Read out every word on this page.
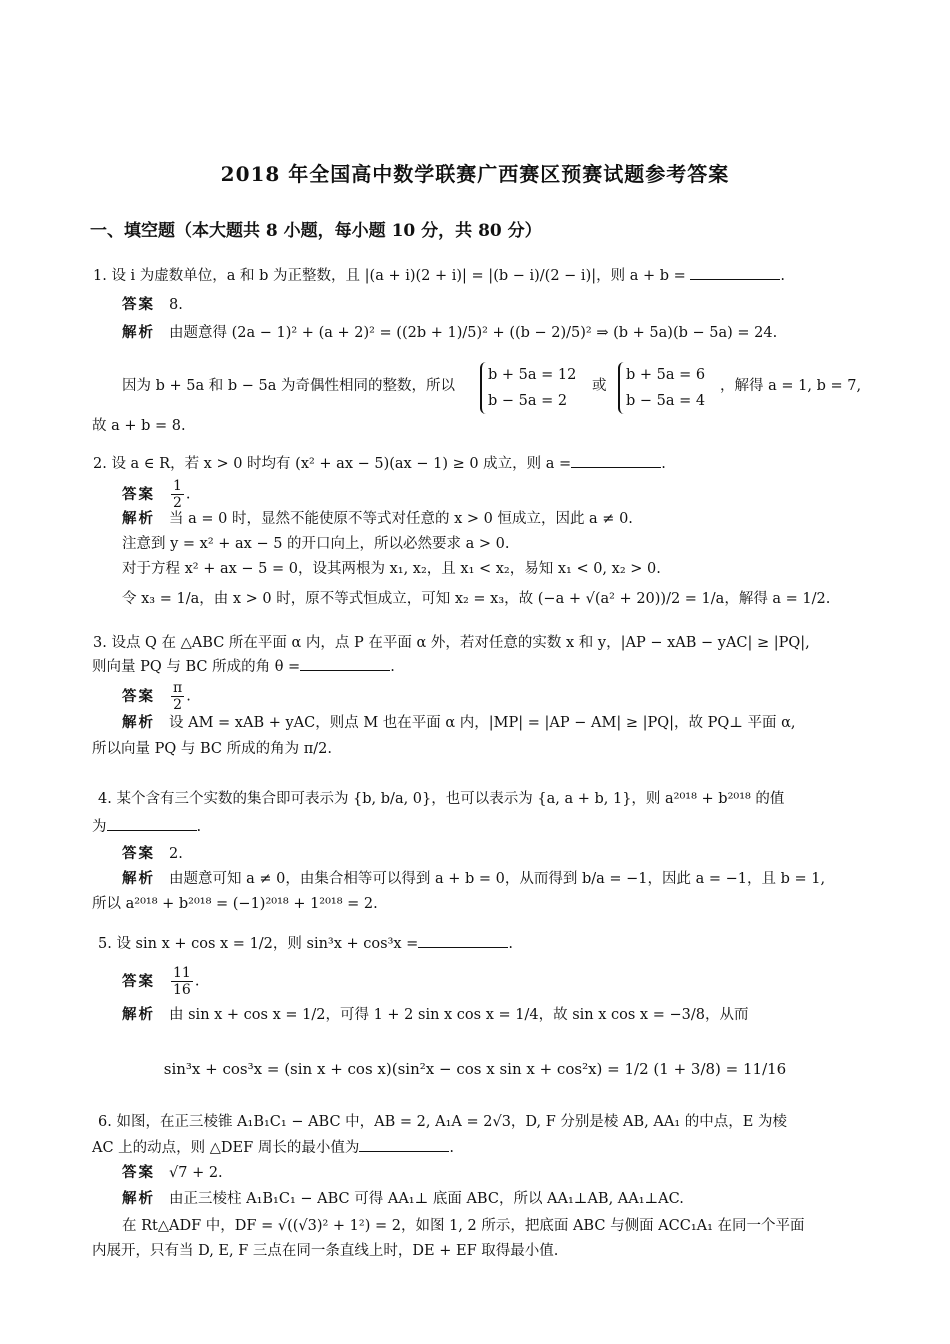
2018 年全国高中数学联赛广西赛区预赛试题参考答案
一、填空题（本大题共 8 小题，每小题 10 分，共 80 分）
1. 设 i 为虚数单位，a 和 b 为正整数，且 |(a + i)(2 + i)| = |(b − i)/(2 − i)|，则 a + b =	.
答案 8.
解析 由题意得 (2a − 1)² + (a + 2)² = ((2b + 1)/5)² + ((b − 2)/5)² ⇒ (b + 5a)(b − 5a) = 24.
因为 b + 5a 和 b − 5a 为奇偶性相同的整数，所以
b + 5a = 12
b − 5a = 2
或
b + 5a = 6
b − 5a = 4
，解得 a = 1, b = 7,
故 a + b = 8.
2. 设 a ∈ R，若 x > 0 时均有 (x² + ax − 5)(ax − 1) ≥ 0 成立，则 a =	.
答案 $\frac{1}{2}$ .
解析 当 a = 0 时，显然不能使原不等式对任意的 x > 0 恒成立，因此 a ≠ 0.
注意到 y = x² + ax − 5 的开口向上，所以必然要求 a > 0.
对于方程 x² + ax − 5 = 0，设其两根为 x₁, x₂，且 x₁ < x₂，易知 x₁ < 0, x₂ > 0.
令 x₃ = 1/a，由 x > 0 时，原不等式恒成立，可知 x₂ = x₃，故 (−a + √(a² + 20))/2 = 1/a，解得 a = 1/2.
3. 设点 Q 在 △ABC 所在平面 α 内，点 P 在平面 α 外，若对任意的实数 x 和 y，|AP − xAB − yAC| ≥ |PQ|,
则向量 PQ 与 BC 所成的角 θ =	.
答案 $\frac{\pi}{2}$ .
解析 设 AM = xAB + yAC，则点 M 也在平面 α 内，|MP| = |AP − AM| ≥ |PQ|，故 PQ⊥ 平面 α,
所以向量 PQ 与 BC 所成的角为 π/2.
4. 某个含有三个实数的集合即可表示为 {b, b/a, 0}，也可以表示为 {a, a + b, 1}，则 a²⁰¹⁸ + b²⁰¹⁸ 的值
为	.
答案 2.
解析 由题意可知 a ≠ 0，由集合相等可以得到 a + b = 0，从而得到 b/a = −1，因此 a = −1，且 b = 1,
所以 a²⁰¹⁸ + b²⁰¹⁸ = (−1)²⁰¹⁸ + 1²⁰¹⁸ = 2.
5. 设 sin x + cos x = 1/2，则 sin³x + cos³x =	.
答案 $\frac{11}{16}$ .
解析 由 sin x + cos x = 1/2，可得 1 + 2 sin x cos x = 1/4，故 sin x cos x = −3/8，从而
sin³x + cos³x = (sin x + cos x)(sin²x − cos x sin x + cos²x) = 1/2 (1 + 3/8) = 11/16
6. 如图，在正三棱锥 A₁B₁C₁ − ABC 中，AB = 2, A₁A = 2√3，D, F 分别是棱 AB, AA₁ 的中点，E 为棱
AC 上的动点，则 △DEF 周长的最小值为	.
答案 √7 + 2.
解析 由正三棱柱 A₁B₁C₁ − ABC 可得 AA₁⊥ 底面 ABC，所以 AA₁⊥AB, AA₁⊥AC.
在 Rt△ADF 中，DF = √((√3)² + 1²) = 2，如图 1, 2 所示，把底面 ABC 与侧面 ACC₁A₁ 在同一个平面
内展开，只有当 D, E, F 三点在同一条直线上时，DE + EF 取得最小值.
